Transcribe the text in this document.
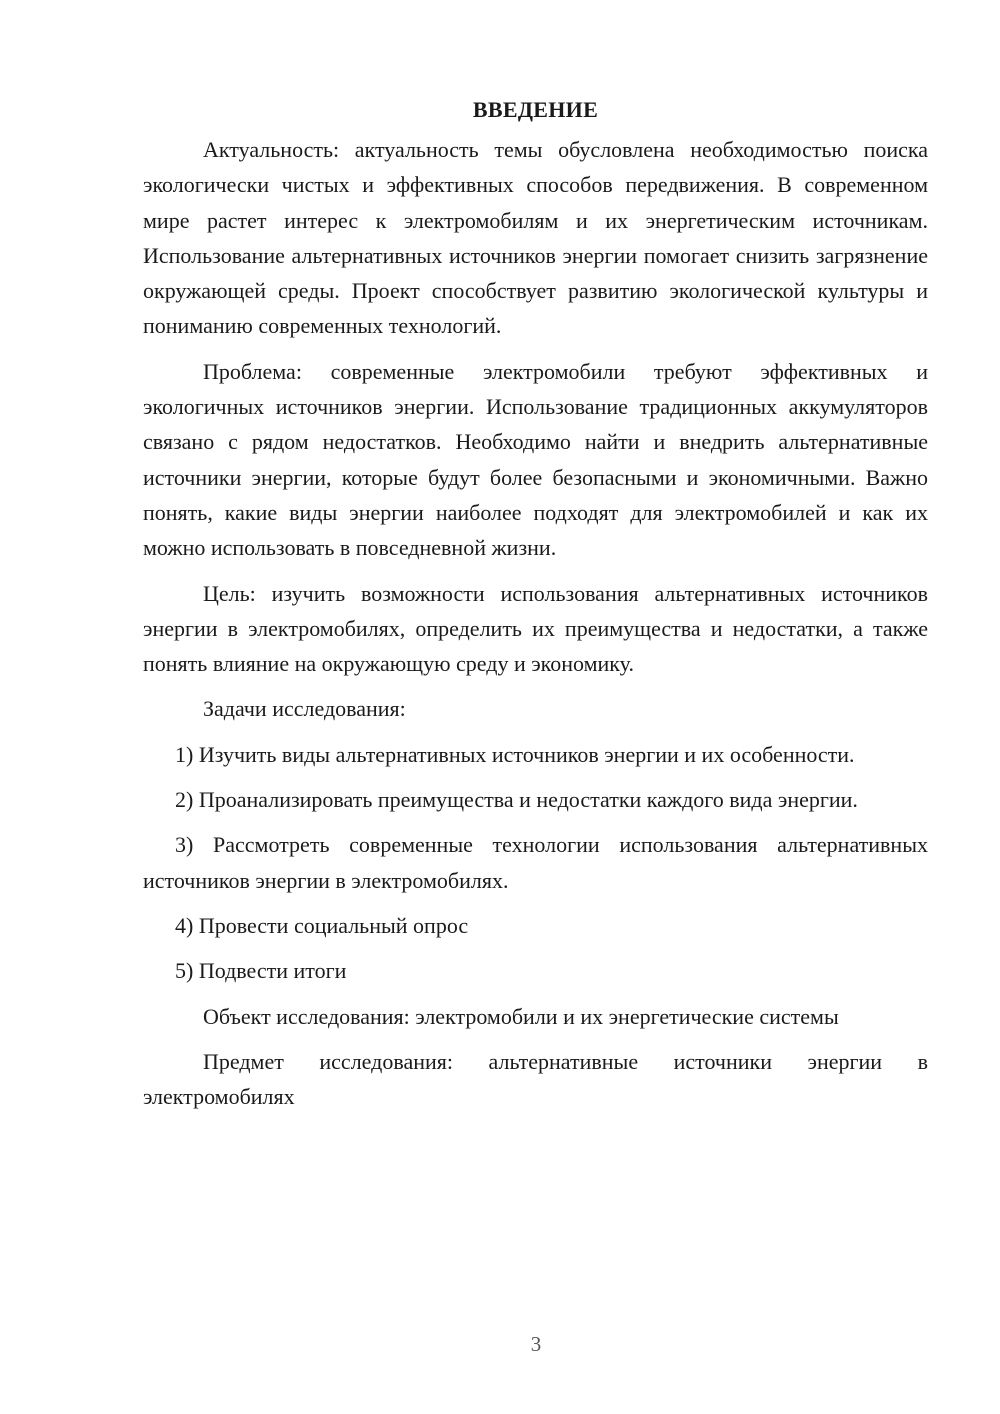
ВВЕДЕНИЕ

Актуальность: актуальность темы обусловлена необходимостью поиска экологически чистых и эффективных способов передвижения. В современном мире растет интерес к электромобилям и их энергетическим источникам. Использование альтернативных источников энергии помогает снизить загрязнение окружающей среды. Проект способствует развитию экологической культуры и пониманию современных технологий.

Проблема: современные электромобили требуют эффективных и экологичных источников энергии. Использование традиционных аккумуляторов связано с рядом недостатков. Необходимо найти и внедрить альтернативные источники энергии, которые будут более безопасными и экономичными. Важно понять, какие виды энергии наиболее подходят для электромобилей и как их можно использовать в повседневной жизни.

Цель: изучить возможности использования альтернативных источников энергии в электромобилях, определить их преимущества и недостатки, а также понять влияние на окружающую среду и экономику.

Задачи исследования:

1) Изучить виды альтернативных источников энергии и их особенности.

2) Проанализировать преимущества и недостатки каждого вида энергии.

3) Рассмотреть современные технологии использования альтернативных источников энергии в электромобилях.

4) Провести социальный опрос

5) Подвести итоги

Объект исследования: электромобили и их энергетические системы

Предмет исследования: альтернативные источники энергии в электромобилях

3
